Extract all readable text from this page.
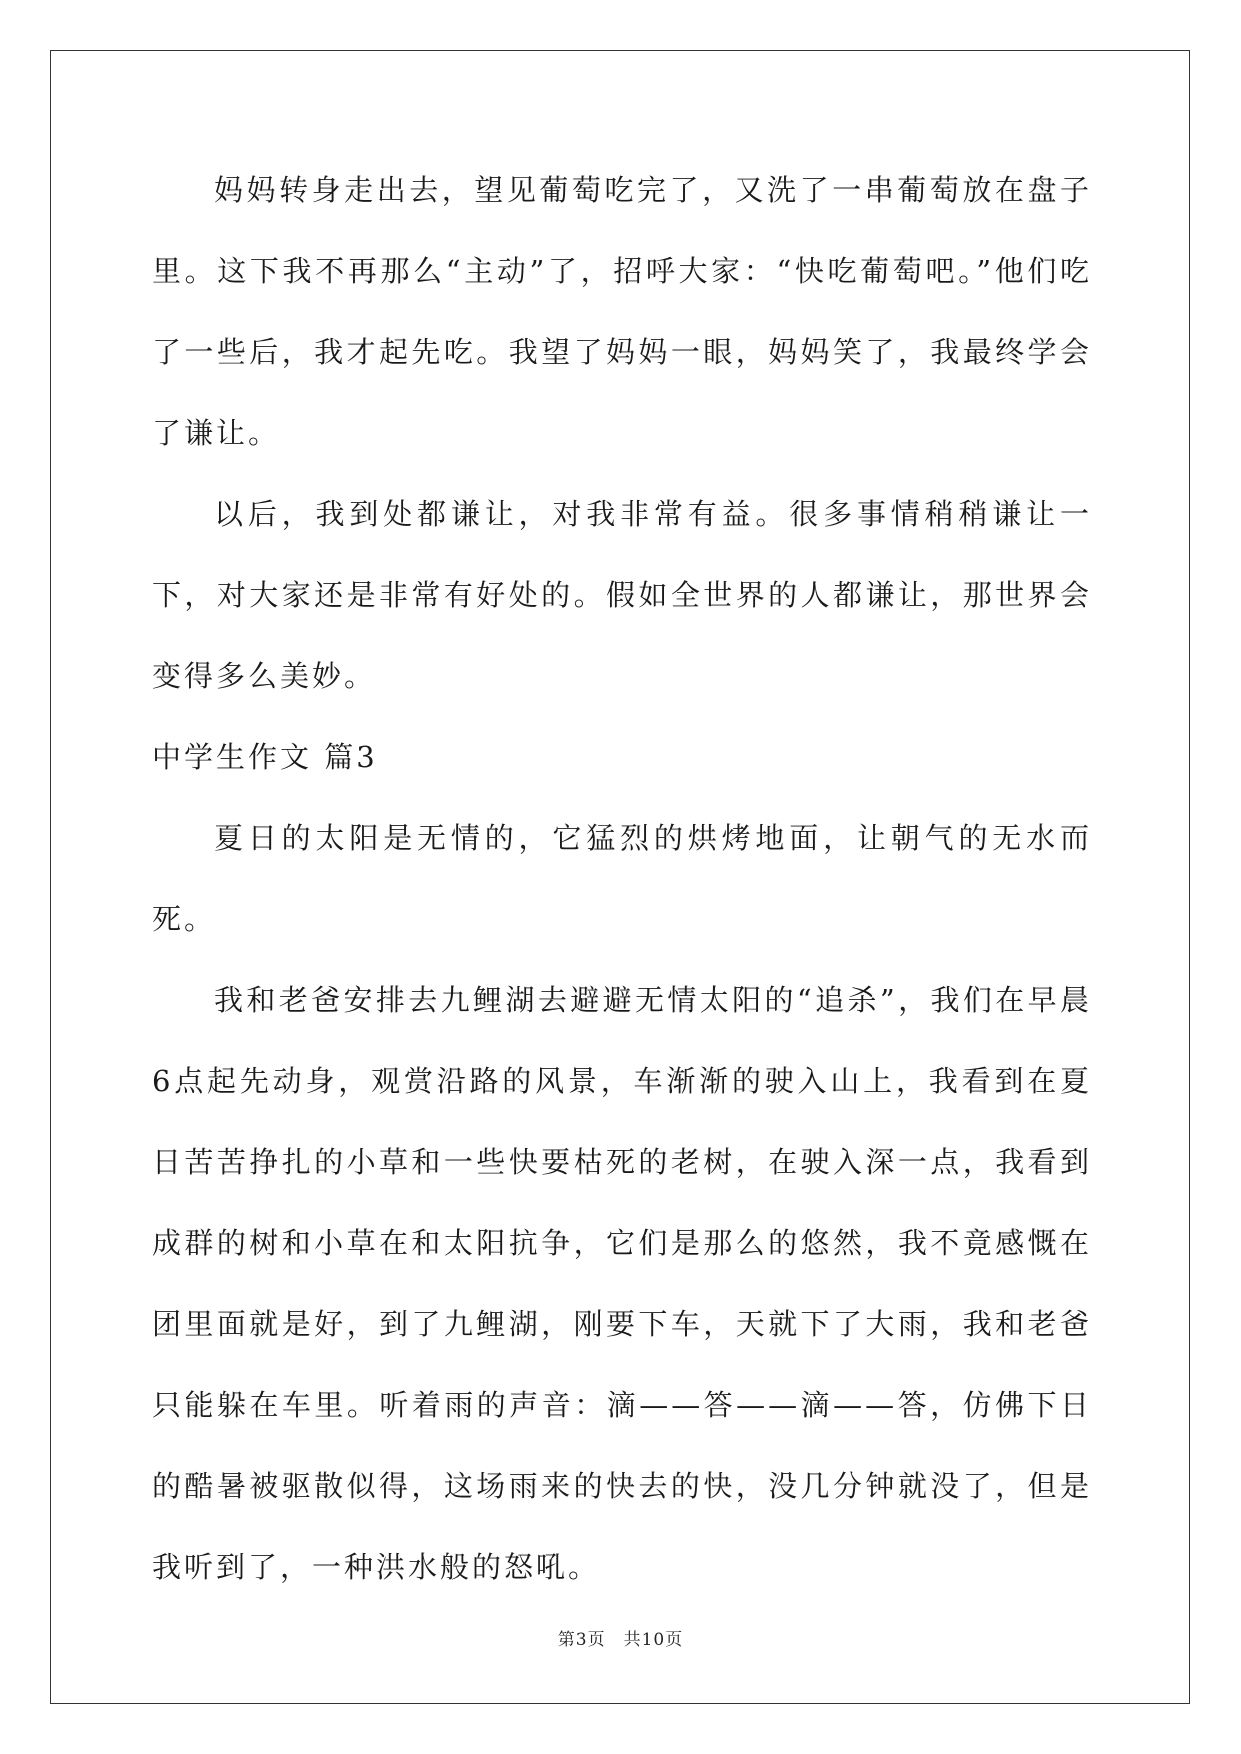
妈妈转身走出去，望见葡萄吃完了，又洗了一串葡萄放在盘子里。这下我不再那么“主动”了，招呼大家：“快吃葡萄吧。”他们吃了一些后，我才起先吃。我望了妈妈一眼，妈妈笑了，我最终学会了谦让。

以后，我到处都谦让，对我非常有益。很多事情稍稍谦让一下，对大家还是非常有好处的。假如全世界的人都谦让，那世界会变得多么美妙。

中学生作文 篇3

夏日的太阳是无情的，它猛烈的烘烤地面，让朝气的无水而死。

我和老爸安排去九鲤湖去避避无情太阳的“追杀”，我们在早晨6点起先动身，观赏沿路的风景，车渐渐的驶入山上，我看到在夏日苦苦挣扎的小草和一些快要枯死的老树，在驶入深一点，我看到成群的树和小草在和太阳抗争，它们是那么的悠然，我不竟感慨在团里面就是好，到了九鲤湖，刚要下车，天就下了大雨，我和老爸只能躲在车里。听着雨的声音：滴——答——滴——答，仿佛下日的酷暑被驱散似得，这场雨来的快去的快，没几分钟就没了，但是我听到了，一种洪水般的怒吼。

第3页 共10页
